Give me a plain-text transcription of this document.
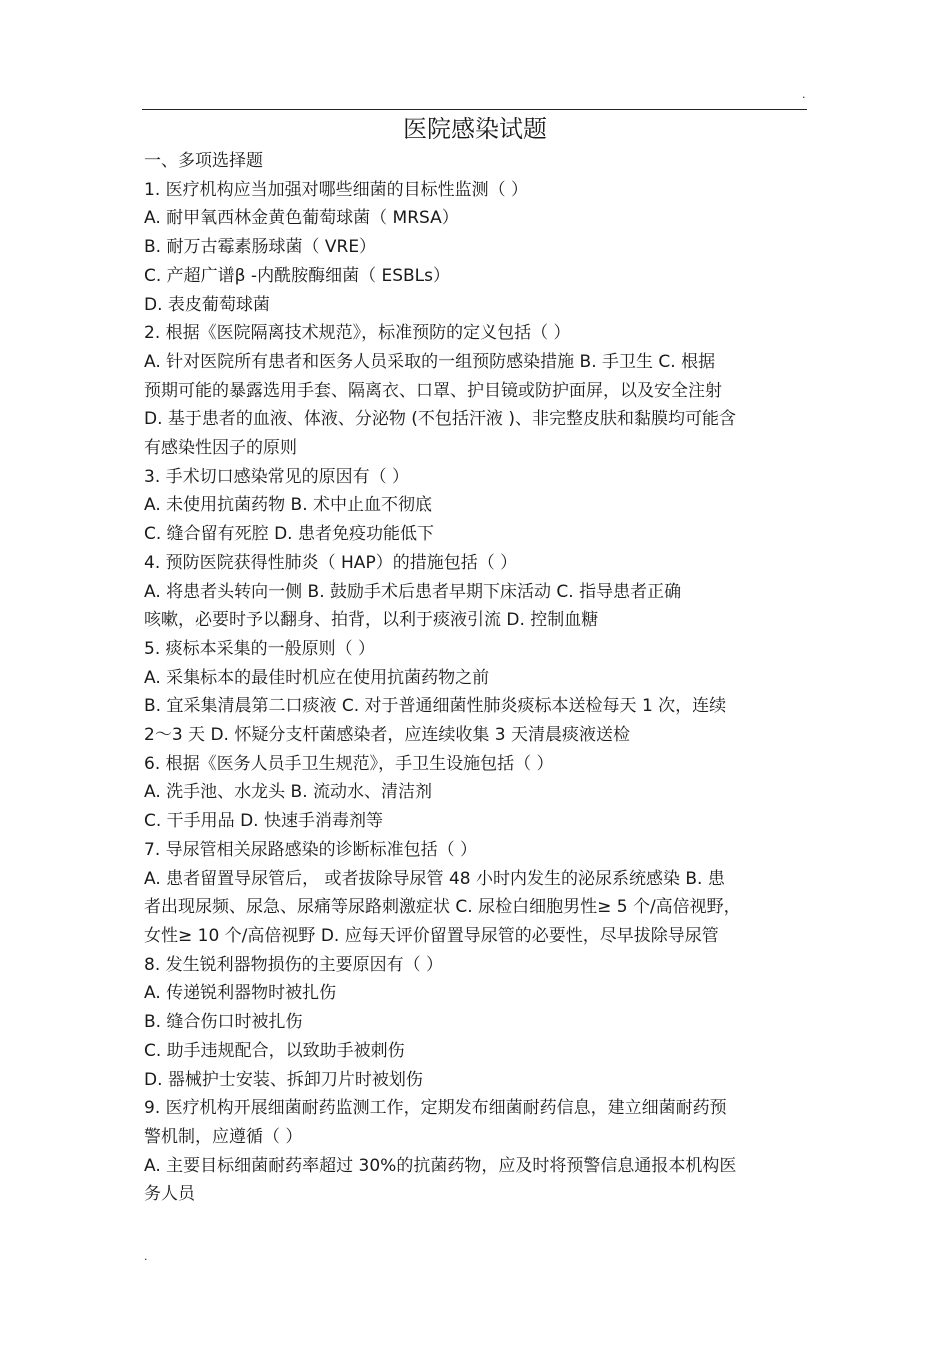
.
医院感染试题

一、多项选择题

1. 医疗机构应当加强对哪些细菌的目标性监测（ ）

A. 耐甲氧西林金黄色葡萄球菌（ MRSA）

B. 耐万古霉素肠球菌（ VRE）

C. 产超广谱β -内酰胺酶细菌（ ESBLs）

D. 表皮葡萄球菌

2. 根据《医院隔离技术规范》，标准预防的定义包括（ ）

A. 针对医院所有患者和医务人员采取的一组预防感染措施 B. 手卫生 C. 根据

预期可能的暴露选用手套、隔离衣、口罩、护目镜或防护面屏，以及安全注射

D. 基于患者的血液、体液、分泌物 (不包括汗液 )、非完整皮肤和黏膜均可能含

有感染性因子的原则

3. 手术切口感染常见的原因有（ ）

A. 未使用抗菌药物 B. 术中止血不彻底

C. 缝合留有死腔 D. 患者免疫功能低下

4. 预防医院获得性肺炎（ HAP）的措施包括（ ）

A. 将患者头转向一侧 B. 鼓励手术后患者早期下床活动 C. 指导患者正确

咳嗽，必要时予以翻身、拍背，以利于痰液引流 D. 控制血糖

5. 痰标本采集的一般原则（ ）

A. 采集标本的最佳时机应在使用抗菌药物之前

B. 宜采集清晨第二口痰液 C. 对于普通细菌性肺炎痰标本送检每天 1 次，连续

2～3 天 D. 怀疑分支杆菌感染者，应连续收集 3 天清晨痰液送检

6. 根据《医务人员手卫生规范》，手卫生设施包括（ ）

A. 洗手池、水龙头 B. 流动水、清洁剂

C. 干手用品 D. 快速手消毒剂等

7. 导尿管相关尿路感染的诊断标准包括（ ）

A. 患者留置导尿管后， 或者拔除导尿管 48 小时内发生的泌尿系统感染 B. 患

者出现尿频、尿急、尿痛等尿路刺激症状 C. 尿检白细胞男性≥ 5 个/高倍视野，

女性≥ 10 个/高倍视野 D. 应每天评价留置导尿管的必要性，尽早拔除导尿管

8. 发生锐利器物损伤的主要原因有（ ）

A. 传递锐利器物时被扎伤

B. 缝合伤口时被扎伤

C. 助手违规配合，以致助手被刺伤

D. 器械护士安装、拆卸刀片时被划伤

9. 医疗机构开展细菌耐药监测工作，定期发布细菌耐药信息，建立细菌耐药预

警机制，应遵循（ ）

A. 主要目标细菌耐药率超过 30%的抗菌药物，应及时将预警信息通报本机构医

务人员

.
